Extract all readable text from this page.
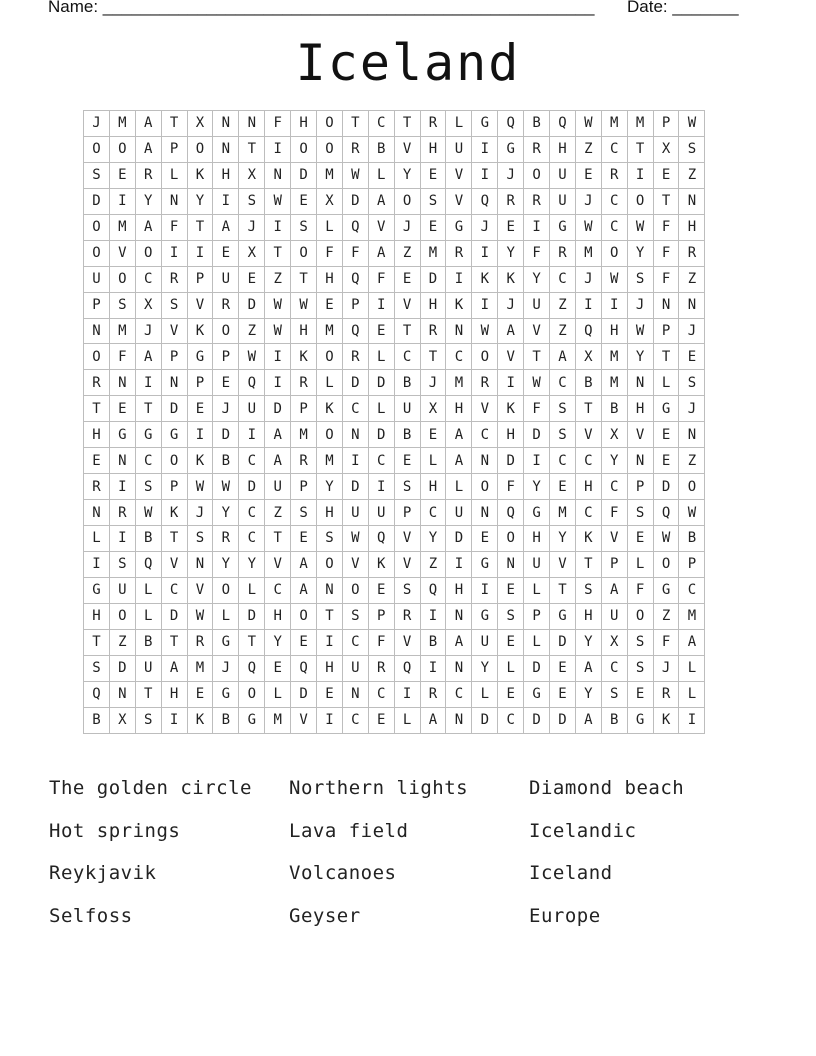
Name: ____________________________________________________ Date: _______
Iceland
J	M	A	T	X	N	N	F	H	O	T	C	T	R	L	G	Q	B	Q	W	M	M	P	W
O	O	A	P	O	N	T	I	O	O	R	B	V	H	U	I	G	R	H	Z	C	T	X	S
S	E	R	L	K	H	X	N	D	M	W	L	Y	E	V	I	J	O	U	E	R	I	E	Z
D	I	Y	N	Y	I	S	W	E	X	D	A	O	S	V	Q	R	R	U	J	C	O	T	N
O	M	A	F	T	A	J	I	S	L	Q	V	J	E	G	J	E	I	G	W	C	W	F	H
O	V	O	I	I	E	X	T	O	F	F	A	Z	M	R	I	Y	F	R	M	O	Y	F	R
U	O	C	R	P	U	E	Z	T	H	Q	F	E	D	I	K	K	Y	C	J	W	S	F	Z
P	S	X	S	V	R	D	W	W	E	P	I	V	H	K	I	J	U	Z	I	I	J	N	N
N	M	J	V	K	O	Z	W	H	M	Q	E	T	R	N	W	A	V	Z	Q	H	W	P	J
O	F	A	P	G	P	W	I	K	O	R	L	C	T	C	O	V	T	A	X	M	Y	T	E
R	N	I	N	P	E	Q	I	R	L	D	D	B	J	M	R	I	W	C	B	M	N	L	S
T	E	T	D	E	J	U	D	P	K	C	L	U	X	H	V	K	F	S	T	B	H	G	J
H	G	G	G	I	D	I	A	M	O	N	D	B	E	A	C	H	D	S	V	X	V	E	N
E	N	C	O	K	B	C	A	R	M	I	C	E	L	A	N	D	I	C	C	Y	N	E	Z
R	I	S	P	W	W	D	U	P	Y	D	I	S	H	L	O	F	Y	E	H	C	P	D	O
N	R	W	K	J	Y	C	Z	S	H	U	U	P	C	U	N	Q	G	M	C	F	S	Q	W
L	I	B	T	S	R	C	T	E	S	W	Q	V	Y	D	E	O	H	Y	K	V	E	W	B
I	S	Q	V	N	Y	Y	V	A	O	V	K	V	Z	I	G	N	U	V	T	P	L	O	P
G	U	L	C	V	O	L	C	A	N	O	E	S	Q	H	I	E	L	T	S	A	F	G	C
H	O	L	D	W	L	D	H	O	T	S	P	R	I	N	G	S	P	G	H	U	O	Z	M
T	Z	B	T	R	G	T	Y	E	I	C	F	V	B	A	U	E	L	D	Y	X	S	F	A
S	D	U	A	M	J	Q	E	Q	H	U	R	Q	I	N	Y	L	D	E	A	C	S	J	L
Q	N	T	H	E	G	O	L	D	E	N	C	I	R	C	L	E	G	E	Y	S	E	R	L
B	X	S	I	K	B	G	M	V	I	C	E	L	A	N	D	C	D	D	A	B	G	K	I
The golden circle	Northern lights	Diamond beach
Hot springs	Lava field	Icelandic
Reykjavik	Volcanoes	Iceland
Selfoss	Geyser	Europe
